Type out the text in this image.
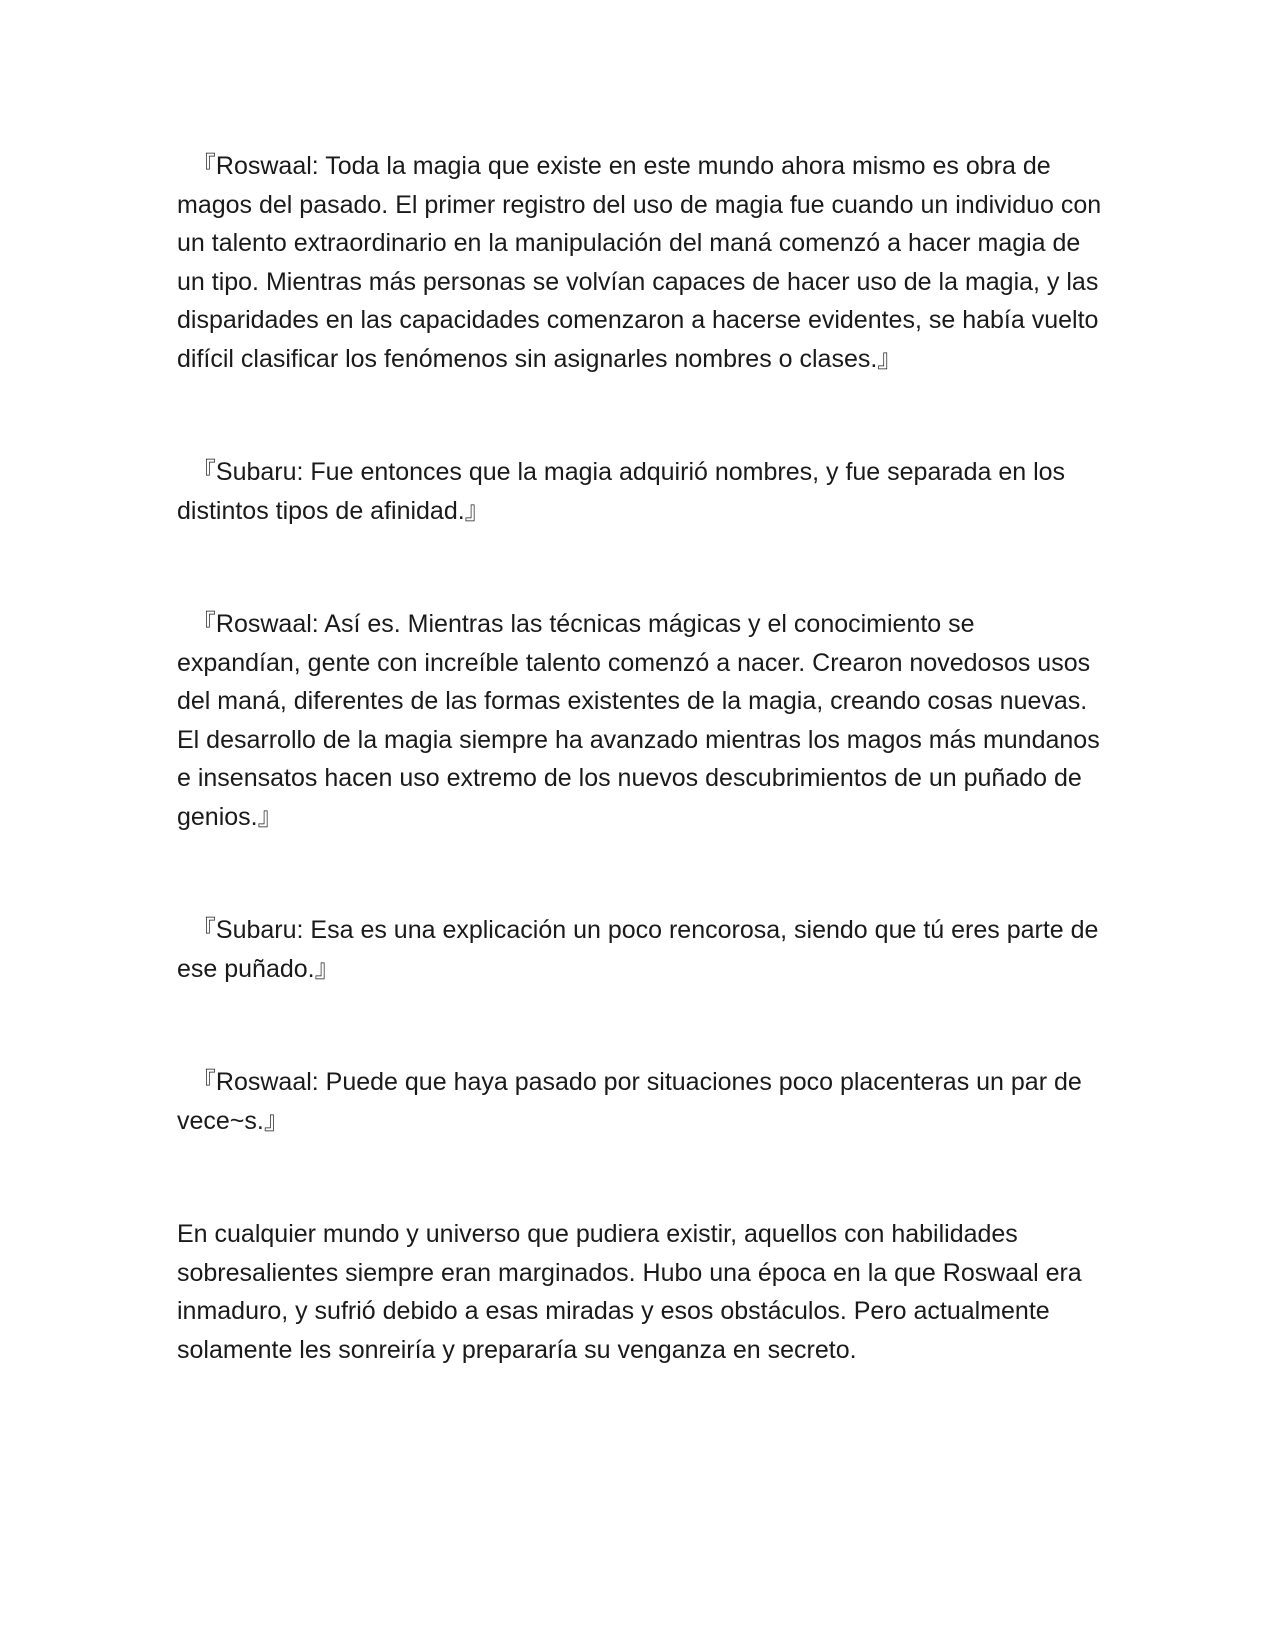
『Roswaal: Toda la magia que existe en este mundo ahora mismo es obra de magos del pasado. El primer registro del uso de magia fue cuando un individuo con un talento extraordinario en la manipulación del maná comenzó a hacer magia de un tipo. Mientras más personas se volvían capaces de hacer uso de la magia, y las disparidades en las capacidades comenzaron a hacerse evidentes, se había vuelto difícil clasificar los fenómenos sin asignarles nombres o clases.』

『Subaru: Fue entonces que la magia adquirió nombres, y fue separada en los distintos tipos de afinidad.』

『Roswaal: Así es. Mientras las técnicas mágicas y el conocimiento se expandían, gente con increíble talento comenzó a nacer. Crearon novedosos usos del maná, diferentes de las formas existentes de la magia, creando cosas nuevas. El desarrollo de la magia siempre ha avanzado mientras los magos más mundanos e insensatos hacen uso extremo de los nuevos descubrimientos de un puñado de genios.』

『Subaru: Esa es una explicación un poco rencorosa, siendo que tú eres parte de ese puñado.』

『Roswaal: Puede que haya pasado por situaciones poco placenteras un par de vece~s.』

En cualquier mundo y universo que pudiera existir, aquellos con habilidades sobresalientes siempre eran marginados. Hubo una época en la que Roswaal era inmaduro, y sufrió debido a esas miradas y esos obstáculos. Pero actualmente solamente les sonreiría y prepararía su venganza en secreto.
